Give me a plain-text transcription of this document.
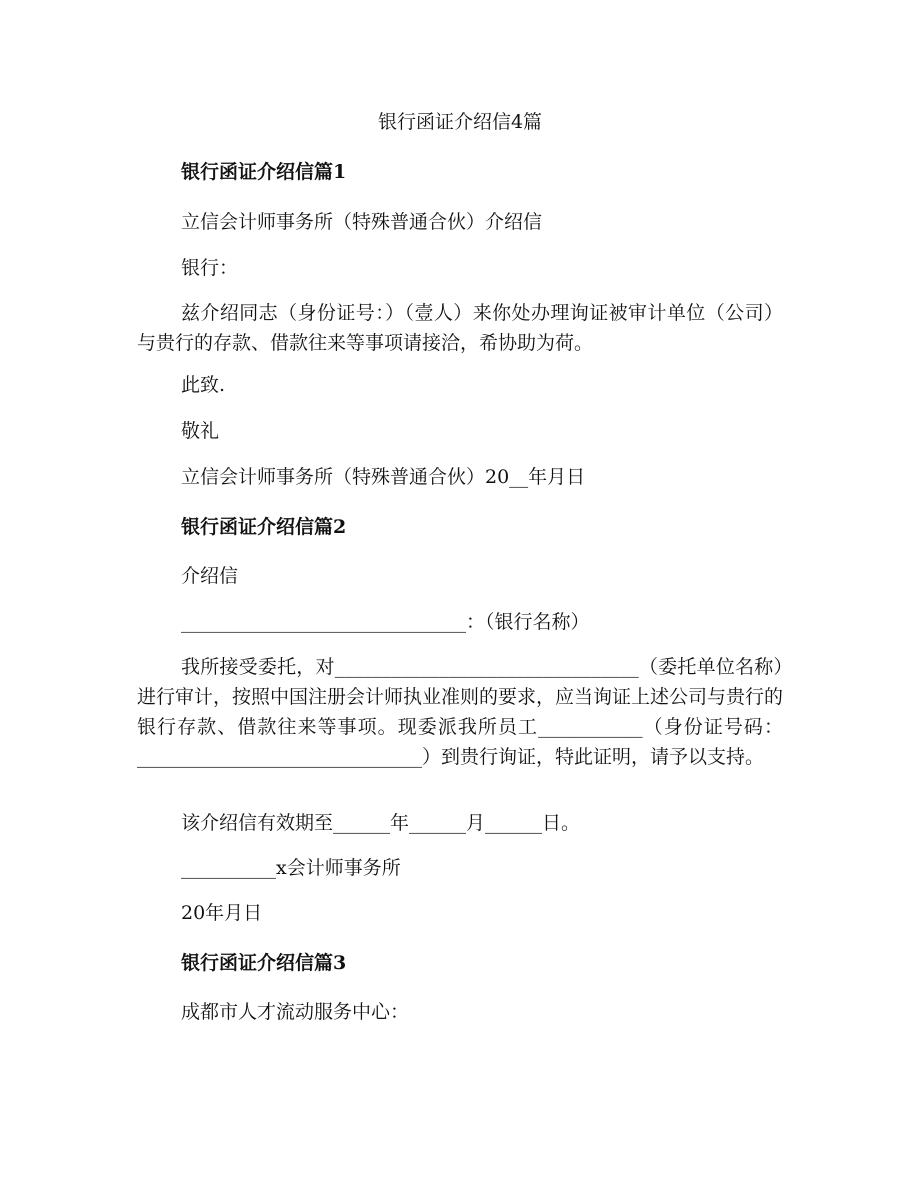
银行函证介绍信4篇
银行函证介绍信篇1
立信会计师事务所（特殊普通合伙）介绍信
银行：
兹介绍同志（身份证号：）（壹人）来你处办理询证被审计单位（公司）与贵行的存款、借款往来等事项请接洽，希协助为荷。
此致.
敬礼
立信会计师事务所（特殊普通合伙）20__年月日
银行函证介绍信篇2
介绍信
______________________________：（银行名称）
我所接受委托，对________________________________（委托单位名称）进行审计，按照中国注册会计师执业准则的要求，应当询证上述公司与贵行的银行存款、借款往来等事项。现委派我所员工___________（身份证号码：______________________________）到贵行询证，特此证明，请予以支持。
该介绍信有效期至______年______月______日。
__________x会计师事务所
20年月日
银行函证介绍信篇3
成都市人才流动服务中心：
